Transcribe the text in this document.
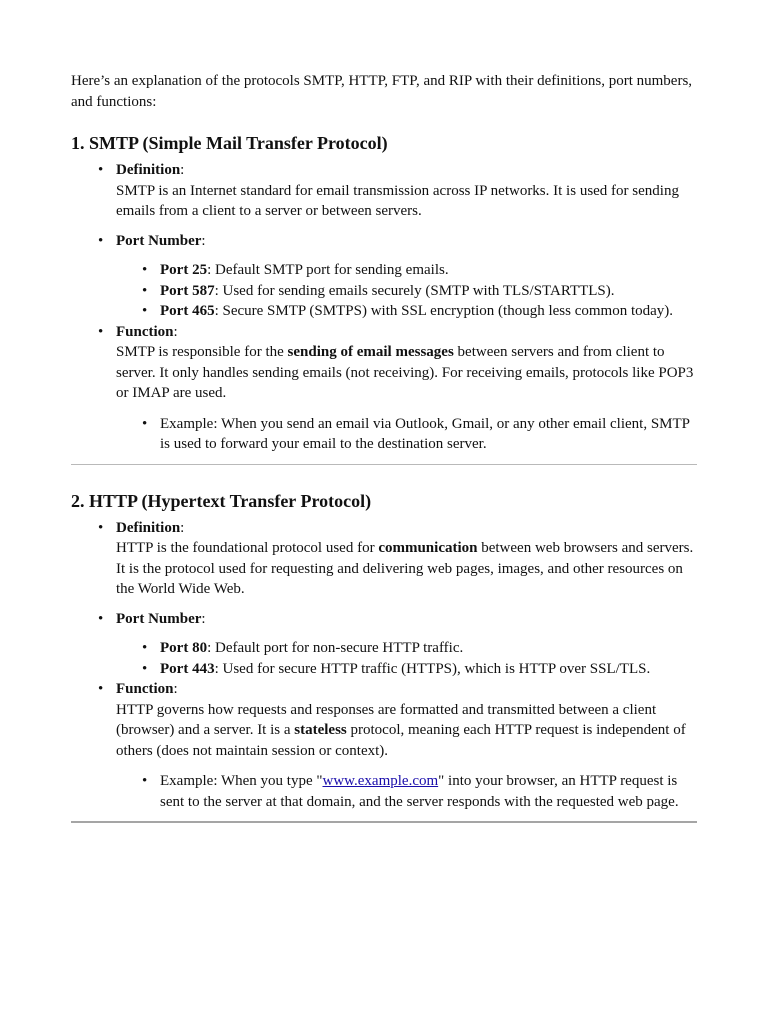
Here’s an explanation of the protocols SMTP, HTTP, FTP, and RIP with their definitions, port numbers, and functions:

1. SMTP (Simple Mail Transfer Protocol)
• Definition:
SMTP is an Internet standard for email transmission across IP networks. It is used for sending emails from a client to a server or between servers.
• Port Number:
• Port 25: Default SMTP port for sending emails.
• Port 587: Used for sending emails securely (SMTP with TLS/STARTTLS).
• Port 465: Secure SMTP (SMTPS) with SSL encryption (though less common today).
• Function:
SMTP is responsible for the sending of email messages between servers and from client to server. It only handles sending emails (not receiving). For receiving emails, protocols like POP3 or IMAP are used.
• Example: When you send an email via Outlook, Gmail, or any other email client, SMTP is used to forward your email to the destination server.
2. HTTP (Hypertext Transfer Protocol)
• Definition:
HTTP is the foundational protocol used for communication between web browsers and servers. It is the protocol used for requesting and delivering web pages, images, and other resources on the World Wide Web.
• Port Number:
• Port 80: Default port for non-secure HTTP traffic.
• Port 443: Used for secure HTTP traffic (HTTPS), which is HTTP over SSL/TLS.
• Function:
HTTP governs how requests and responses are formatted and transmitted between a client (browser) and a server. It is a stateless protocol, meaning each HTTP request is independent of others (does not maintain session or context).
• Example: When you type "www.example.com" into your browser, an HTTP request is sent to the server at that domain, and the server responds with the requested web page.
